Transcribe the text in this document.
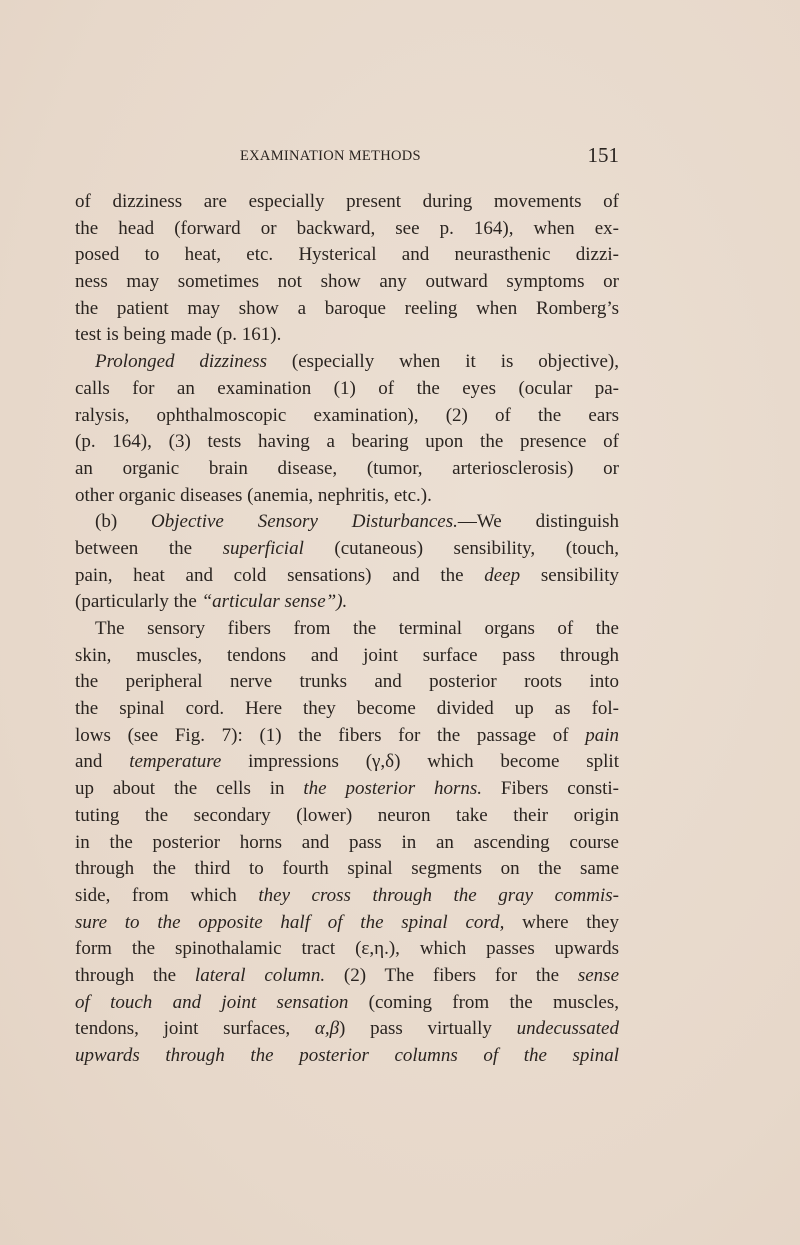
EXAMINATION METHODS	151
of dizziness are especially present during movements of
the head (forward or backward, see p. 164), when ex-
posed to heat, etc. Hysterical and neurasthenic dizzi-
ness may sometimes not show any outward symptoms or
the patient may show a baroque reeling when Romberg’s
test is being made (p. 161).
Prolonged dizziness (especially when it is objective),
calls for an examination (1) of the eyes (ocular pa-
ralysis, ophthalmoscopic examination), (2) of the ears
(p. 164), (3) tests having a bearing upon the presence of
an organic brain disease, (tumor, arteriosclerosis) or
other organic diseases (anemia, nephritis, etc.).
(b) Objective Sensory Disturbances.—We distinguish
between the superficial (cutaneous) sensibility, (touch,
pain, heat and cold sensations) and the deep sensibility
(particularly the “articular sense”).
The sensory fibers from the terminal organs of the
skin, muscles, tendons and joint surface pass through
the peripheral nerve trunks and posterior roots into
the spinal cord. Here they become divided up as fol-
lows (see Fig. 7): (1) the fibers for the passage of pain
and temperature impressions (γ,δ) which become split
up about the cells in the posterior horns. Fibers consti-
tuting the secondary (lower) neuron take their origin
in the posterior horns and pass in an ascending course
through the third to fourth spinal segments on the same
side, from which they cross through the gray commis-
sure to the opposite half of the spinal cord, where they
form the spinothalamic tract (ε,η.), which passes upwards
through the lateral column. (2) The fibers for the sense
of touch and joint sensation (coming from the muscles,
tendons, joint surfaces, α,β) pass virtually undecussated
upwards through the posterior columns of the spinal
